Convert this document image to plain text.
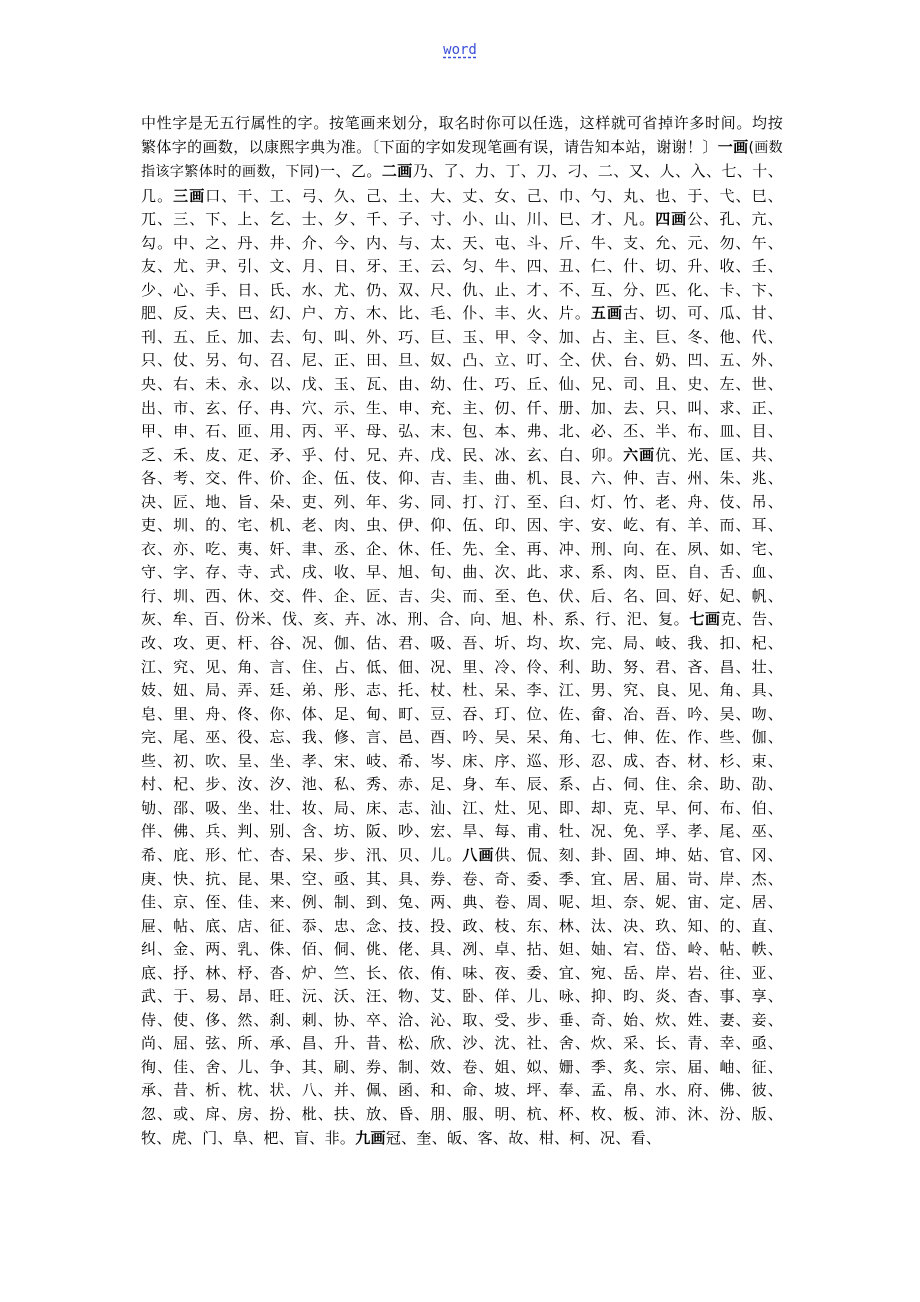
word
中性字是无五行属性的字。按笔画来划分，取名时你可以任选，这样就可省掉许多时间。均按繁体字的画数，以康熙字典为准。〔下面的字如发现笔画有误，请告知本站，谢谢！〕一画(画数指该字繁体时的画数，下同)一、乙。二画乃、了、力、丁、刀、刁、二、又、人、入、七、十、几。三画口、干、工、弓、久、己、土、大、丈、女、己、巾、勺、丸、也、于、弋、巳、兀、三、下、上、乞、士、夕、千、子、寸、小、山、川、巳、才、凡。四画公、孔、亢、勾。中、之、丹、井、介、今、内、与、太、天、屯、斗、斤、牛、支、允、元、勿、午、友、尤、尹、引、文、月、日、牙、王、云、匀、牛、四、丑、仁、什、切、升、收、壬、少、心、手、日、氏、水、尤、仍、双、尺、仇、止、才、不、互、分、匹、化、卡、卞、肥、反、夫、巴、幻、户、方、木、比、毛、仆、丰、火、片。五画古、切、可、瓜、甘、刊、五、丘、加、去、句、叫、外、巧、巨、玉、甲、令、加、占、主、巨、冬、他、代、只、仗、另、句、召、尼、正、田、旦、奴、凸、立、叮、仝、伏、台、奶、凹、五、外、央、右、未、永、以、戊、玉、瓦、由、幼、仕、巧、丘、仙、兄、司、且、史、左、世、出、市、玄、仔、冉、穴、示、生、申、充、主、仞、仟、册、加、去、只、叫、求、正、甲、申、石、匝、用、丙、平、母、弘、末、包、本、弗、北、必、丕、半、布、皿、目、乏、禾、皮、疋、矛、乎、付、兄、卉、戊、民、冰、玄、白、卯。六画伉、光、匡、共、各、考、交、件、价、企、伍、伎、仰、吉、圭、曲、机、艮、六、仲、吉、州、朱、兆、决、匠、地、旨、朵、吏、列、年、劣、同、打、汀、至、臼、灯、竹、老、舟、伎、吊、吏、圳、的、宅、机、老、肉、虫、伊、仰、伍、印、因、宇、安、屹、有、羊、而、耳、衣、亦、吃、夷、奸、聿、丞、企、休、任、先、全、再、冲、刑、向、在、夙、如、宅、守、字、存、寺、式、戌、收、早、旭、旬、曲、次、此、求、系、肉、臣、自、舌、血、行、圳、西、休、交、件、企、匠、吉、尖、而、至、色、伏、后、名、回、好、妃、帆、灰、牟、百、份米、伐、亥、卉、冰、刑、合、向、旭、朴、系、行、汜、复。七画克、告、改、攻、更、杆、谷、况、伽、估、君、吸、吾、圻、均、坎、完、局、岐、我、扣、杞、江、究、见、角、言、住、占、低、佃、况、里、冷、伶、利、助、努、君、吝、昌、壮、妓、妞、局、弄、廷、弟、彤、志、托、杖、杜、呆、李、江、男、究、良、见、角、具、皂、里、舟、佟、你、体、足、甸、町、豆、吞、玎、位、佐、畲、冶、吾、吟、吴、吻、完、尾、巫、役、忘、我、修、言、邑、酉、吟、吴、呆、角、七、伸、佐、作、些、伽、些、初、吹、呈、坐、孝、宋、岐、希、岑、床、序、巡、形、忍、成、杏、材、杉、束、村、杞、步、汝、汐、池、私、秀、赤、足、身、车、辰、系、占、伺、住、余、助、劭、劬、邵、吸、坐、壮、妆、局、床、志、汕、江、灶、见、即、却、克、早、何、布、伯、伴、佛、兵、判、别、含、坊、阪、吵、宏、旱、每、甫、牡、况、免、孚、孝、尾、巫、希、庇、形、忙、杏、呆、步、汛、贝、儿。八画供、侃、刻、卦、固、坤、姑、官、冈、庚、快、抗、昆、果、空、亟、其、具、券、卷、奇、委、季、宜、居、届、岢、岸、杰、佳、京、侄、佳、来、例、制、到、兔、两、典、卷、周、呢、坦、奈、妮、宙、定、居、屉、帖、底、店、征、忝、忠、念、技、投、政、枝、东、林、汰、决、玖、知、的、直、纠、金、两、乳、侏、佰、侗、佻、佬、具、冽、卓、拈、妲、妯、宕、岱、岭、帖、帙、底、抒、林、杼、沓、炉、竺、长、依、侑、味、夜、委、宜、宛、岳、岸、岩、往、亚、武、于、易、昂、旺、沅、沃、汪、物、艾、卧、佯、儿、咏、抑、昀、炎、杳、事、享、侍、使、侈、然、刹、刺、协、卒、洽、沁、取、受、步、垂、奇、始、炊、姓、妻、妾、尚、屈、弦、所、承、昌、升、昔、松、欣、沙、沈、社、舍、炊、采、长、青、幸、亟、徇、佳、舍、儿、争、其、刷、券、制、效、卷、姐、姒、姗、季、炙、宗、届、岫、征、承、昔、析、枕、状、八、并、佩、函、和、命、坡、坪、奉、孟、帛、水、府、佛、彼、忽、或、戽、房、扮、枇、扶、放、昏、朋、服、明、杭、杯、枚、板、沛、沐、汾、版、牧、虎、门、阜、杷、盲、非。九画冠、奎、皈、客、故、柑、柯、况、看、
